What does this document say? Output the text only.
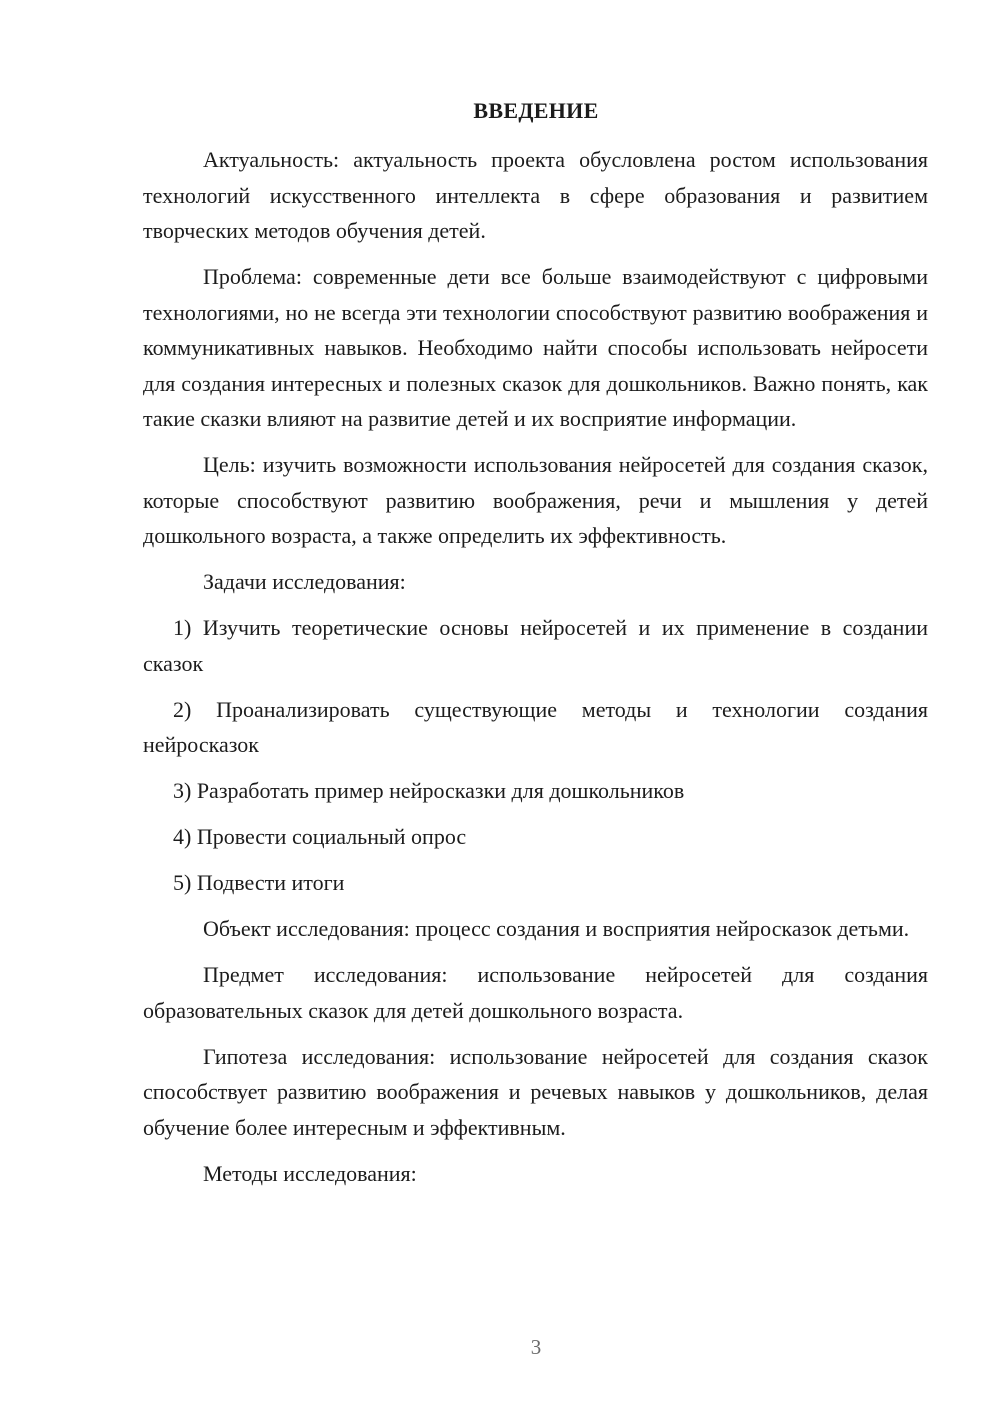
ВВЕДЕНИЕ

Актуальность: актуальность проекта обусловлена ростом использования технологий искусственного интеллекта в сфере образования и развитием творческих методов обучения детей.

Проблема: современные дети все больше взаимодействуют с цифровыми технологиями, но не всегда эти технологии способствуют развитию воображения и коммуникативных навыков. Необходимо найти способы использовать нейросети для создания интересных и полезных сказок для дошкольников. Важно понять, как такие сказки влияют на развитие детей и их восприятие информации.

Цель: изучить возможности использования нейросетей для создания сказок, которые способствуют развитию воображения, речи и мышления у детей дошкольного возраста, а также определить их эффективность.

Задачи исследования:

1) Изучить теоретические основы нейросетей и их применение в создании сказок

2) Проанализировать существующие методы и технологии создания нейросказок

3) Разработать пример нейросказки для дошкольников

4) Провести социальный опрос

5) Подвести итоги

Объект исследования: процесс создания и восприятия нейросказок детьми.

Предмет исследования: использование нейросетей для создания образовательных сказок для детей дошкольного возраста.

Гипотеза исследования: использование нейросетей для создания сказок способствует развитию воображения и речевых навыков у дошкольников, делая обучение более интересным и эффективным.

Методы исследования:

3
